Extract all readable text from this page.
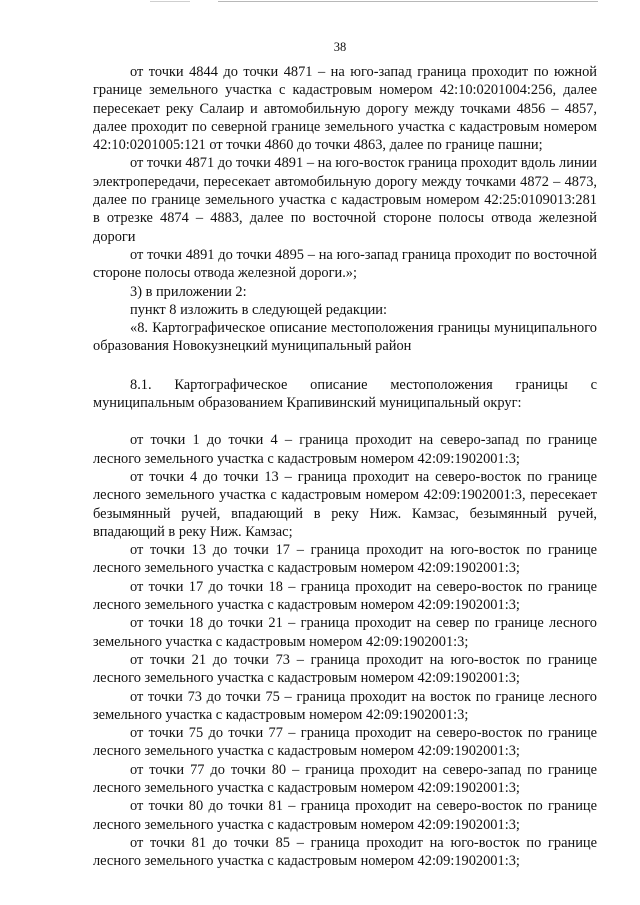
38

от точки 4844 до точки 4871 – на юго-запад граница проходит по южной границе земельного участка с кадастровым номером 42:10:0201004:256, далее пересекает реку Салаир и автомобильную дорогу между точками 4856 – 4857, далее проходит по северной границе земельного участка с кадастровым номером 42:10:0201005:121 от точки 4860 до точки 4863, далее по границе пашни;

от точки 4871 до точки 4891 – на юго-восток граница проходит вдоль линии электропередачи, пересекает автомобильную дорогу между точками 4872 – 4873, далее по границе земельного участка с кадастровым номером 42:25:0109013:281 в отрезке 4874 – 4883, далее по восточной стороне полосы отвода железной дороги

от точки 4891 до точки 4895 – на юго-запад граница проходит по восточной стороне полосы отвода железной дороги.»;

3) в приложении 2:

пункт 8 изложить в следующей редакции:

«8. Картографическое описание местоположения границы муниципального образования Новокузнецкий муниципальный район

8.1. Картографическое описание местоположения границы с муниципальным образованием Крапивинский муниципальный округ:

от точки 1 до точки 4 – граница проходит на северо-запад по границе лесного земельного участка с кадастровым номером 42:09:1902001:3;

от точки 4 до точки 13 – граница проходит на северо-восток по границе лесного земельного участка с кадастровым номером 42:09:1902001:3, пересекает безымянный ручей, впадающий в реку Ниж. Камзас, безымянный ручей, впадающий в реку Ниж. Камзас;

от точки 13 до точки 17 – граница проходит на юго-восток по границе лесного земельного участка с кадастровым номером 42:09:1902001:3;

от точки 17 до точки 18 – граница проходит на северо-восток по границе лесного земельного участка с кадастровым номером 42:09:1902001:3;

от точки 18 до точки 21 – граница проходит на север по границе лесного земельного участка с кадастровым номером 42:09:1902001:3;

от точки 21 до точки 73 – граница проходит на юго-восток по границе лесного земельного участка с кадастровым номером 42:09:1902001:3;

от точки 73 до точки 75 – граница проходит на восток по границе лесного земельного участка с кадастровым номером 42:09:1902001:3;

от точки 75 до точки 77 – граница проходит на северо-восток по границе лесного земельного участка с кадастровым номером 42:09:1902001:3;

от точки 77 до точки 80 – граница проходит на северо-запад по границе лесного земельного участка с кадастровым номером 42:09:1902001:3;

от точки 80 до точки 81 – граница проходит на северо-восток по границе лесного земельного участка с кадастровым номером 42:09:1902001:3;

от точки 81 до точки 85 – граница проходит на юго-восток по границе лесного земельного участка с кадастровым номером 42:09:1902001:3;
